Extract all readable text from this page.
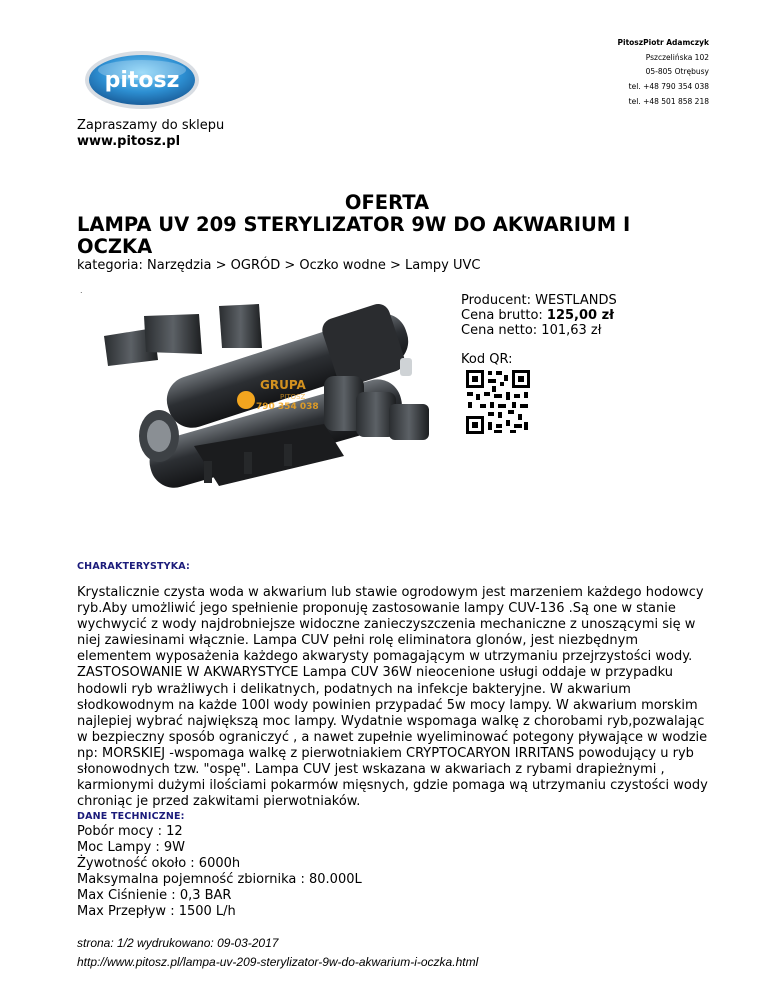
PitoszPiotr Adamczyk
Pszczelińska 102
05-805 Otrębusy
tel. +48 790 354 038
tel. +48 501 858 218
pitosz
Zapraszamy do sklepu
www.pitosz.pl
OFERTA
LAMPA UV 209 STERYLIZATOR 9W DO AKWARIUM I OCZKA
kategoria: Narzędzia > OGRÓD > Oczko wodne > Lampy UVC
.
GRUPA
PITOSZ
790 354 038
Producent: WESTLANDS
Cena brutto: 125,00 zł
Cena netto: 101,63 zł
Kod QR:
CHARAKTERYSTYKA:
Krystalicznie czysta woda w akwarium lub stawie ogrodowym jest marzeniem każdego hodowcy
ryb.Aby umożliwić jego spełnienie proponuję zastosowanie lampy CUV-136 .Są one w stanie
wychwycić z wody najdrobniejsze widoczne zanieczyszczenia mechaniczne z unoszącymi się w
niej zawiesinami włącznie. Lampa CUV pełni rolę eliminatora glonów, jest niezbędnym
elementem wyposażenia każdego akwarysty pomagającym w utrzymaniu przejrzystości wody.
ZASTOSOWANIE W AKWARYSTYCE Lampa CUV 36W nieocenione usługi oddaje w przypadku
hodowli ryb wrażliwych i delikatnych, podatnych na infekcje bakteryjne. W akwarium
słodkowodnym na każde 100l wody powinien przypadać 5w mocy lampy. W akwarium morskim
najlepiej wybrać największą moc lampy. Wydatnie wspomaga walkę z chorobami ryb,pozwalając
w bezpieczny sposób ograniczyć , a nawet zupełnie wyeliminować potegony pływające w wodzie
np: MORSKIEJ -wspomaga walkę z pierwotniakiem CRYPTOCARYON IRRITANS powodujący u ryb
słonowodnych tzw. "ospę". Lampa CUV jest wskazana w akwariach z rybami drapieżnymi ,
karmionymi dużymi ilościami pokarmów mięsnych, gdzie pomaga wą utrzymaniu czystości wody
chroniąc je przed zakwitami pierwotniaków.
DANE TECHNICZNE:
Pobór mocy : 12
Moc Lampy : 9W
Żywotność około : 6000h
Maksymalna pojemność zbiornika : 80.000L
Max Ciśnienie : 0,3 BAR
Max Przepływ : 1500 L/h
strona: 1/2 wydrukowano: 09-03-2017
http://www.pitosz.pl/lampa-uv-209-sterylizator-9w-do-akwarium-i-oczka.html
